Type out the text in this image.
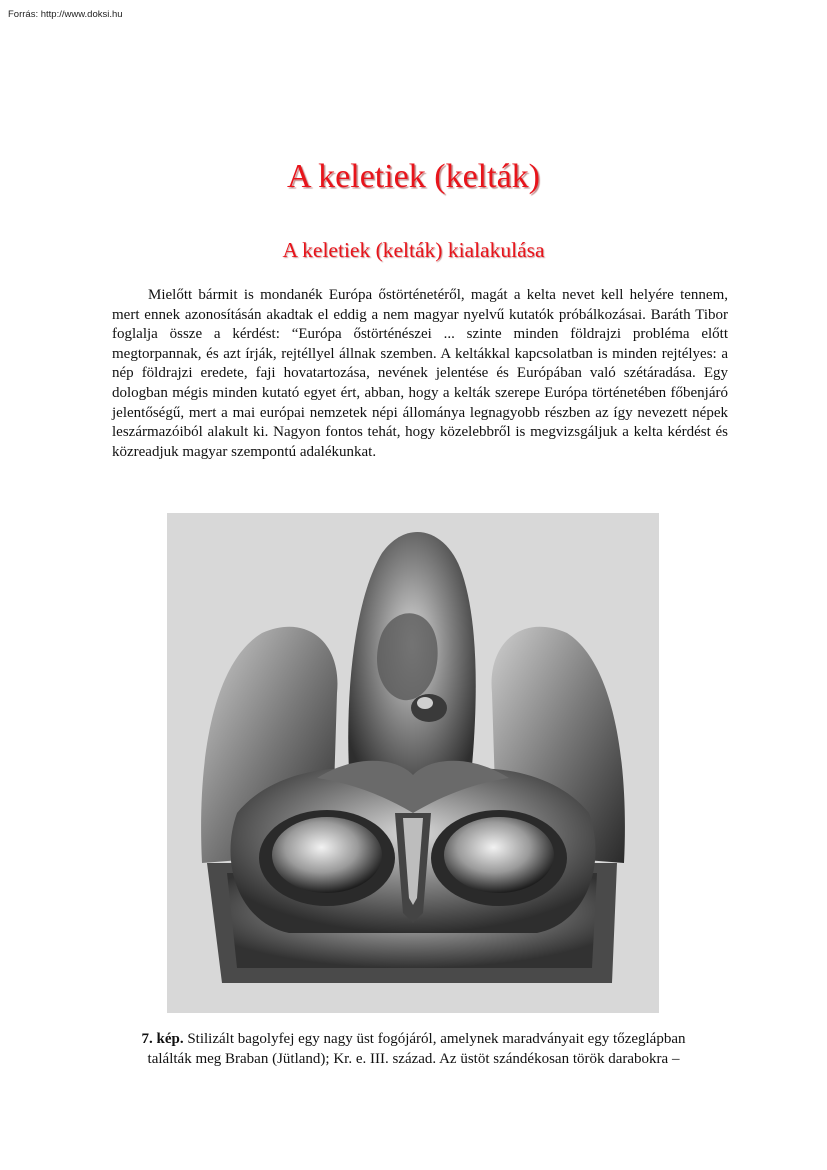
Forrás: http://www.doksi.hu
A keletiek (kelták)
A keletiek (kelták) kialakulása

Mielőtt bármit is mondanék Európa őstörténetéről, magát a kelta nevet kell helyére tennem, mert ennek azonosításán akadtak el eddig a nem magyar nyelvű kutatók próbálkozásai. Baráth Tibor foglalja össze a kérdést: “Európa őstörténészei ... szinte minden földrajzi probléma előtt megtorpannak, és azt írják, rejtéllyel állnak szemben. A keltákkal kapcsolatban is minden rejtélyes: a nép földrajzi eredete, faji hovatartozása, nevének jelentése és Európában való szétáradása. Egy dologban mégis minden kutató egyet ért, abban, hogy a kelták szerepe Európa történetében főbenjáró jelentőségű, mert a mai európai nemzetek népi állománya legnagyobb részben az így nevezett népek leszármazóiból alakult ki. Nagyon fontos tehát, hogy közelebbről is megvizsgáljuk a kelta kérdést és közreadjuk magyar szempontú adalékunkat.

7. kép. Stilizált bagolyfej egy nagy üst fogójáról, amelynek maradványait egy tőzeglápban
találták meg Braban (Jütland); Kr. e. III. század. Az üstöt szándékosan török darabokra –
